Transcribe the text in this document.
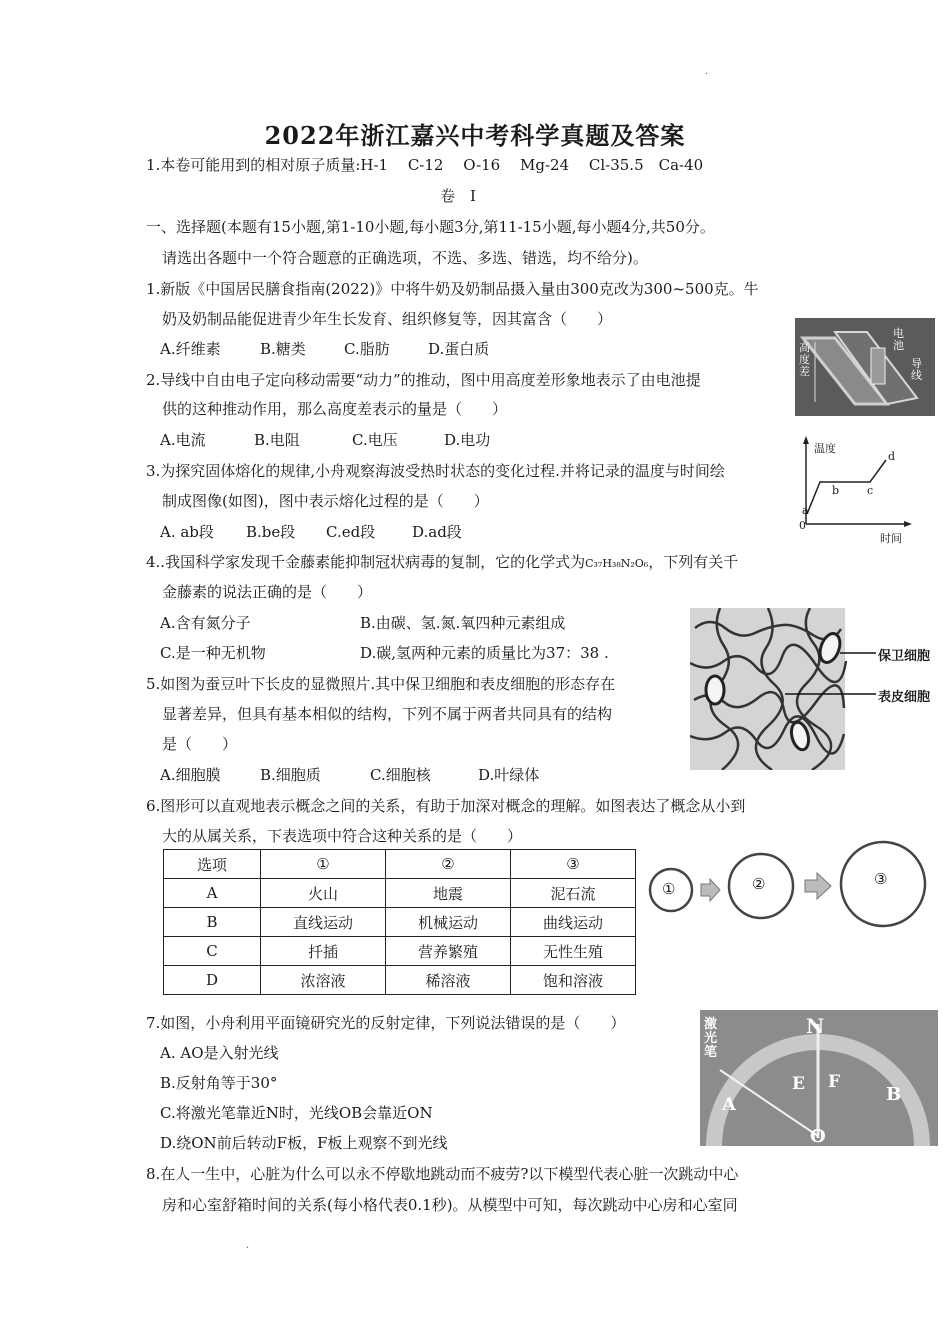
.
.
2022年浙江嘉兴中考科学真题及答案
1.本卷可能用到的相对原子质量:H-1　 C-12　 O-16　 Mg-24　 Cl-35.5　Ca-40
卷　I
一、选择题(本题有15小题,第1-10小题,每小题3分,第11-15小题,每小题4分,共50分。
请选出各题中一个符合题意的正确选项，不选、多选、错选，均不给分)。
1.新版《中国居民膳食指南(2022)》中将牛奶及奶制品摄入量由300克改为300~500克。牛
奶及奶制品能促进青少年生长发育、组织修复等，因其富含（　　）
A.纤维素	B.糖类	C.脂肪	D.蛋白质	高度差
电池
导线
2.导线中自由电子定向移动需要“动力”的推动，图中用高度差形象地表示了由电池提
供的这种推动作用，那么高度差表示的量是（　　）
A.电流	B.电阻	C.电压	D.电功	温度
时间
0
a
b	c
d
3.为探究固体熔化的规律,小舟观察海波受热时状态的变化过程.并将记录的温度与时间绘
制成图像(如图)，图中表示熔化过程的是（　　）
A. ab段 B.be段 C.ed段 D.ad段
4..我国科学家发现千金藤素能抑制冠状病毒的复制，它的化学式为C₃₇H₃₈N₂O₆，下列有关千
金藤素的说法正确的是（　　）
A.含有氮分子	B.由碳、氢.氮.氧四种元素组成
C.是一种无机物	D.碳,氢两种元素的质量比为37：38 .	保卫细胞
表皮细胞
5.如图为蚕豆叶下长皮的显微照片.其中保卫细胞和表皮细胞的形态存在
显著差异，但具有基本相似的结构，下列不属于两者共同具有的结构
是（　　）
A.细胞膜	B.细胞质	C.细胞核	D.叶绿体
6.图形可以直观地表示概念之间的关系，有助于加深对概念的理解。如图表达了概念从小到
大的从属关系，下表选项中符合这种关系的是（　　）
选项	①	②	③
A	火山	地震	泥石流
B	直线运动	机械运动	曲线运动
C	扦插	营养繁殖	无性生殖
D	浓溶液	稀溶液	饱和溶液
①	②	③
7.如图，小舟利用平面镜研究光的反射定律，下列说法错误的是（　　）
A. AO是入射光线
B.反射角等于30°
C.将激光笔靠近N时，光线OB会靠近ON
D.绕ON前后转动F板，F板上观察不到光线
激光笔
N
O
A	B
E F
8.在人一生中，心脏为什么可以永不停歇地跳动而不疲劳?以下模型代表心脏一次跳动中心
房和心室舒箱时间的关系(每小格代表0.1秒)。从模型中可知，每次跳动中心房和心室同
